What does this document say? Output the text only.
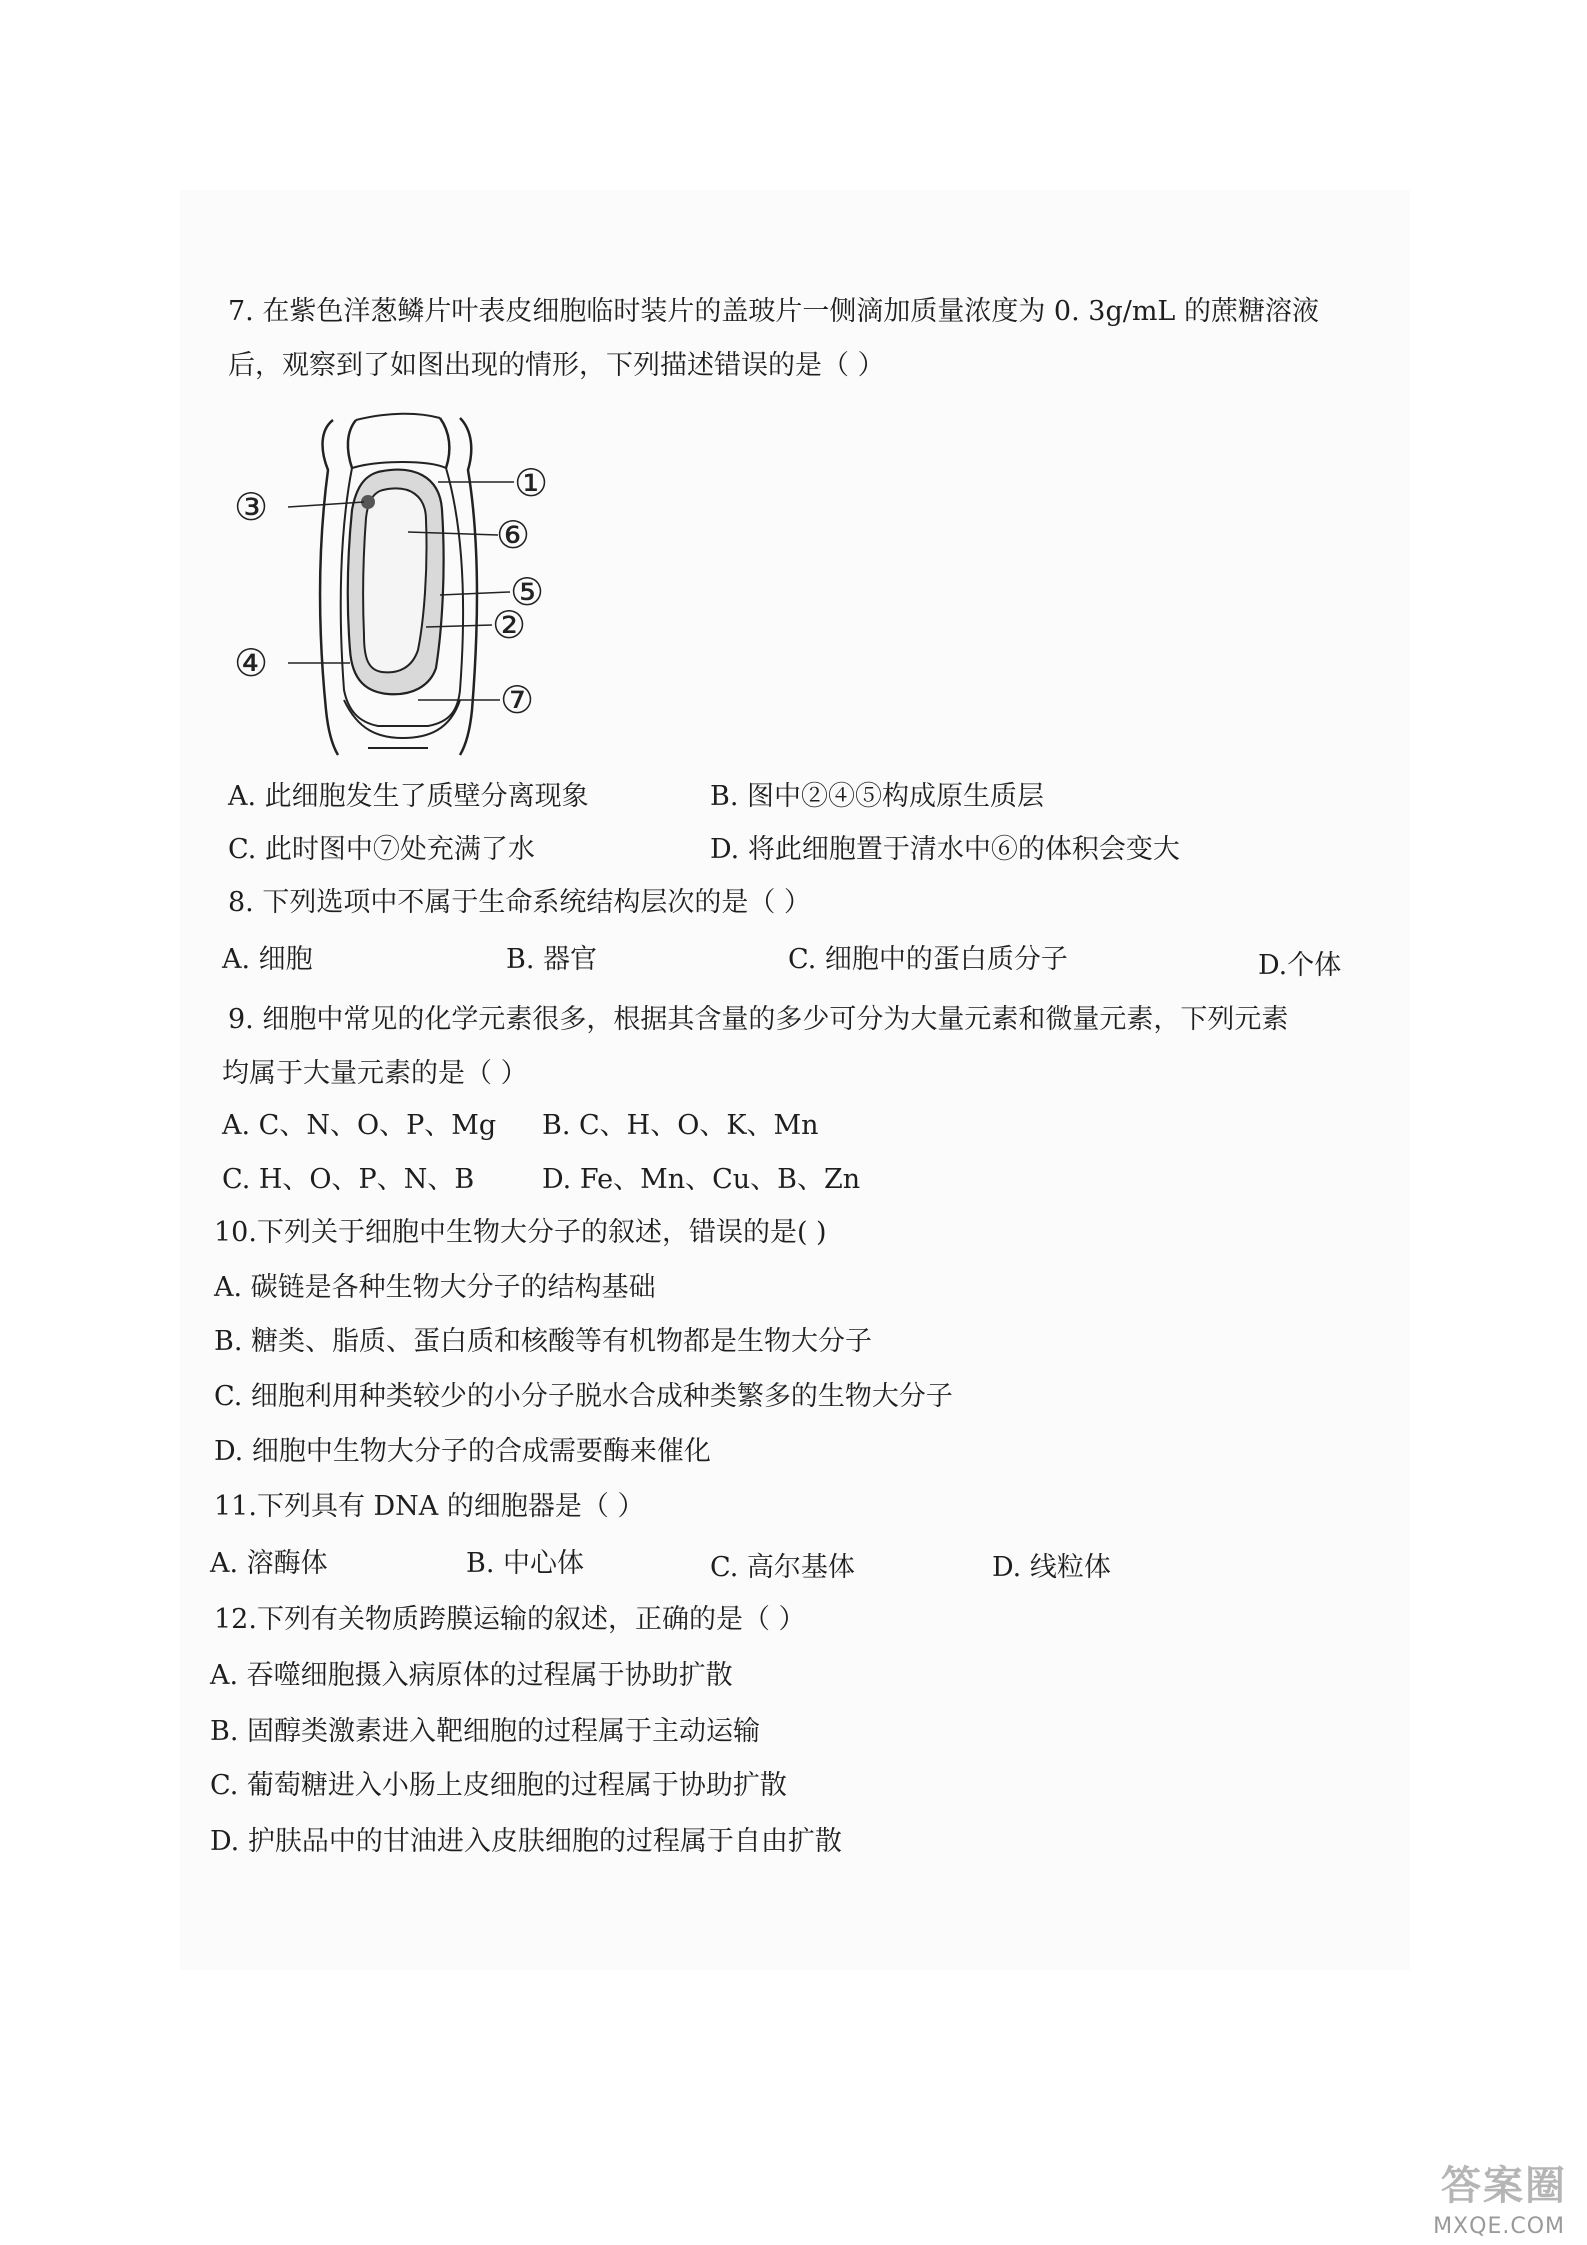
7. 在紫色洋葱鳞片叶表皮细胞临时装片的盖玻片一侧滴加质量浓度为 0. 3g/mL 的蔗糖溶液
后，观察到了如图出现的情形，下列描述错误的是（ ）
③
①
⑥
⑤
②
④
⑦
A. 此细胞发生了质壁分离现象	B. 图中②④⑤构成原生质层
C. 此时图中⑦处充满了水	D. 将此细胞置于清水中⑥的体积会变大
8. 下列选项中不属于生命系统结构层次的是（ ）
A. 细胞	B. 器官	C. 细胞中的蛋白质分子	D.个体
9. 细胞中常见的化学元素很多，根据其含量的多少可分为大量元素和微量元素，下列元素
均属于大量元素的是（ ）
A. C、N、O、P、Mg B. C、H、O、K、Mn
C. H、O、P、N、B	D. Fe、Mn、Cu、B、Zn
10.下列关于细胞中生物大分子的叙述，错误的是( )
A. 碳链是各种生物大分子的结构基础
B. 糖类、脂质、蛋白质和核酸等有机物都是生物大分子
C. 细胞利用种类较少的小分子脱水合成种类繁多的生物大分子
D. 细胞中生物大分子的合成需要酶来催化
11.下列具有 DNA 的细胞器是（ ）
A. 溶酶体	B. 中心体	C. 高尔基体	D. 线粒体
12.下列有关物质跨膜运输的叙述，正确的是（ ）
A. 吞噬细胞摄入病原体的过程属于协助扩散
B. 固醇类激素进入靶细胞的过程属于主动运输
C. 葡萄糖进入小肠上皮细胞的过程属于协助扩散
D. 护肤品中的甘油进入皮肤细胞的过程属于自由扩散
答案圈
MXQE.COM
